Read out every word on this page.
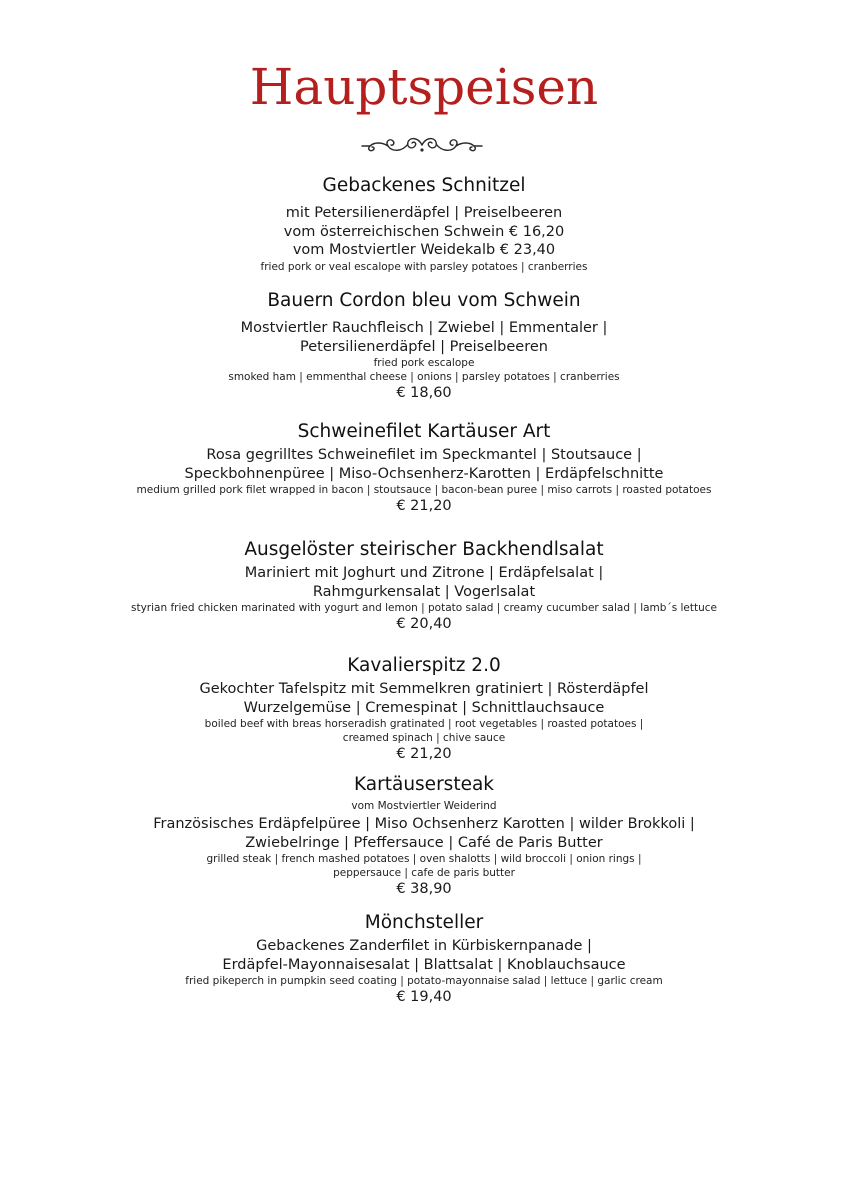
Hauptspeisen
Gebackenes Schnitzel
mit Petersilienerdäpfel | Preiselbeeren
vom österreichischen Schwein € 16,20
vom Mostviertler Weidekalb € 23,40
fried pork or veal escalope with parsley potatoes | cranberries
Bauern Cordon bleu vom Schwein
Mostviertler Rauchfleisch | Zwiebel | Emmentaler |
Petersilienerdäpfel | Preiselbeeren
fried pork escalope
smoked ham | emmenthal cheese | onions | parsley potatoes | cranberries
€ 18,60
Schweinefilet Kartäuser Art
Rosa gegrilltes Schweinefilet im Speckmantel | Stoutsauce |
Speckbohnenpüree | Miso-Ochsenherz-Karotten | Erdäpfelschnitte
medium grilled pork filet wrapped in bacon | stoutsauce | bacon-bean puree | miso carrots | roasted potatoes
€ 21,20
Ausgelöster steirischer Backhendlsalat
Mariniert mit Joghurt und Zitrone | Erdäpfelsalat |
Rahmgurkensalat | Vogerlsalat
styrian fried chicken marinated with yogurt and lemon | potato salad | creamy cucumber salad | lamb´s lettuce
€ 20,40
Kavalierspitz 2.0
Gekochter Tafelspitz mit Semmelkren gratiniert | Rösterdäpfel
Wurzelgemüse | Cremespinat | Schnittlauchsauce
boiled beef with breas horseradish gratinated | root vegetables | roasted potatoes |
creamed spinach | chive sauce
€ 21,20
Kartäusersteak
vom Mostviertler Weiderind
Französisches Erdäpfelpüree | Miso Ochsenherz Karotten | wilder Brokkoli |
Zwiebelringe | Pfeffersauce | Café de Paris Butter
grilled steak | french mashed potatoes | oven shalotts | wild broccoli | onion rings |
peppersauce | cafe de paris butter
€ 38,90
Mönchsteller
Gebackenes Zanderfilet in Kürbiskernpanade |
Erdäpfel-Mayonnaisesalat | Blattsalat | Knoblauchsauce
fried pikeperch in pumpkin seed coating | potato-mayonnaise salad | lettuce | garlic cream
€ 19,40
